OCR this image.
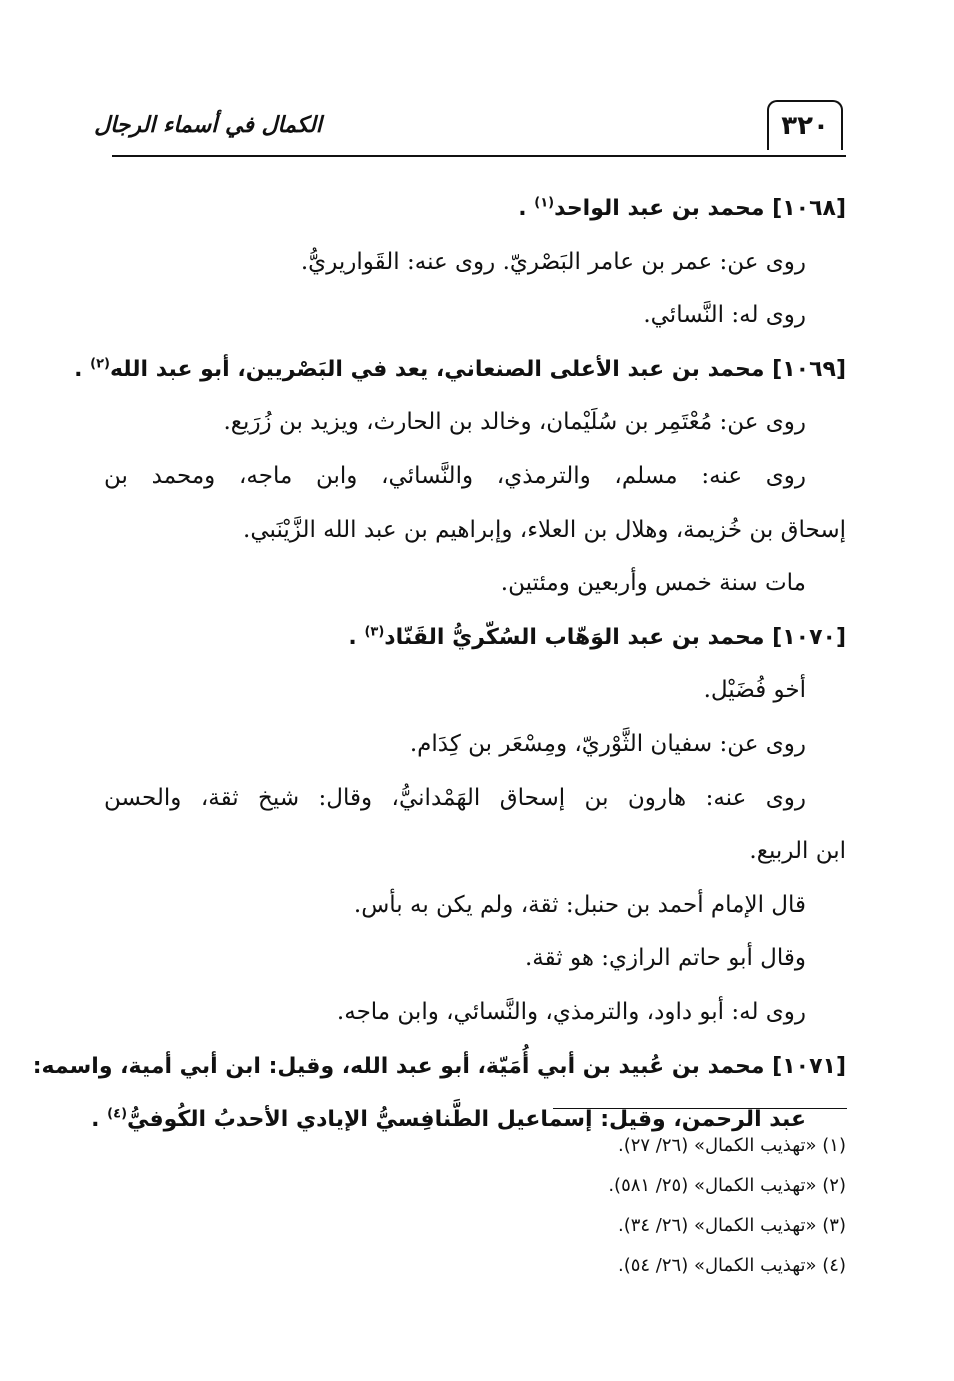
٣٢٠
الكمال في أسماء الرجال
[١٠٦٨] محمد بن عبد الواحد$^{(١)}$ .
روى عن: عمر بن عامر البَصْريّ. روى عنه: القَواريريُّ.
روى له: النَّسائي.
[١٠٦٩] محمد بن عبد الأعلى الصنعاني، يعد في البَصْريين، أبو عبد الله$^{(٢)}$ .
روى عن: مُعْتَمِر بن سُلَيْمان، وخالد بن الحارث، ويزيد بن زُرَيع.
روى عنه: مسلم، والترمذي، والنَّسائي، وابن ماجه، ومحمد بن
إسحاق بن خُزيمة، وهلال بن العلاء، وإبراهيم بن عبد الله الزَّيْنَبي.
مات سنة خمس وأربعين ومئتين.
[١٠٧٠] محمد بن عبد الوَهّاب السُكّريُّ القَنّاد$^{(٣)}$ .
أخو فُضَيْل.
روى عن: سفيان الثَّوْريّ، ومِسْعَر بن كِدَام.
روى عنه: هارون بن إسحاق الهَمْدانيُّ، وقال: شيخ ثقة، والحسن
ابن الربيع.
قال الإمام أحمد بن حنبل: ثقة، ولم يكن به بأس.
وقال أبو حاتم الرازي: هو ثقة.
روى له: أبو داود، والترمذي، والنَّسائي، وابن ماجه.
[١٠٧١] محمد بن عُبيد بن أبي أُمَيّة، أبو عبد الله، وقيل: ابن أبي أمية، واسمه:
عبد الرحمن، وقيل: إسماعيل الطَّنافِسيُّ الإيادي الأحدبُ الكُوفيُّ$^{(٤)}$ .
(١) «تهذيب الكمال» (٢٦/ ٢٧).
(٢) «تهذيب الكمال» (٢٥/ ٥٨١).
(٣) «تهذيب الكمال» (٢٦/ ٣٤).
(٤) «تهذيب الكمال» (٢٦/ ٥٤).
